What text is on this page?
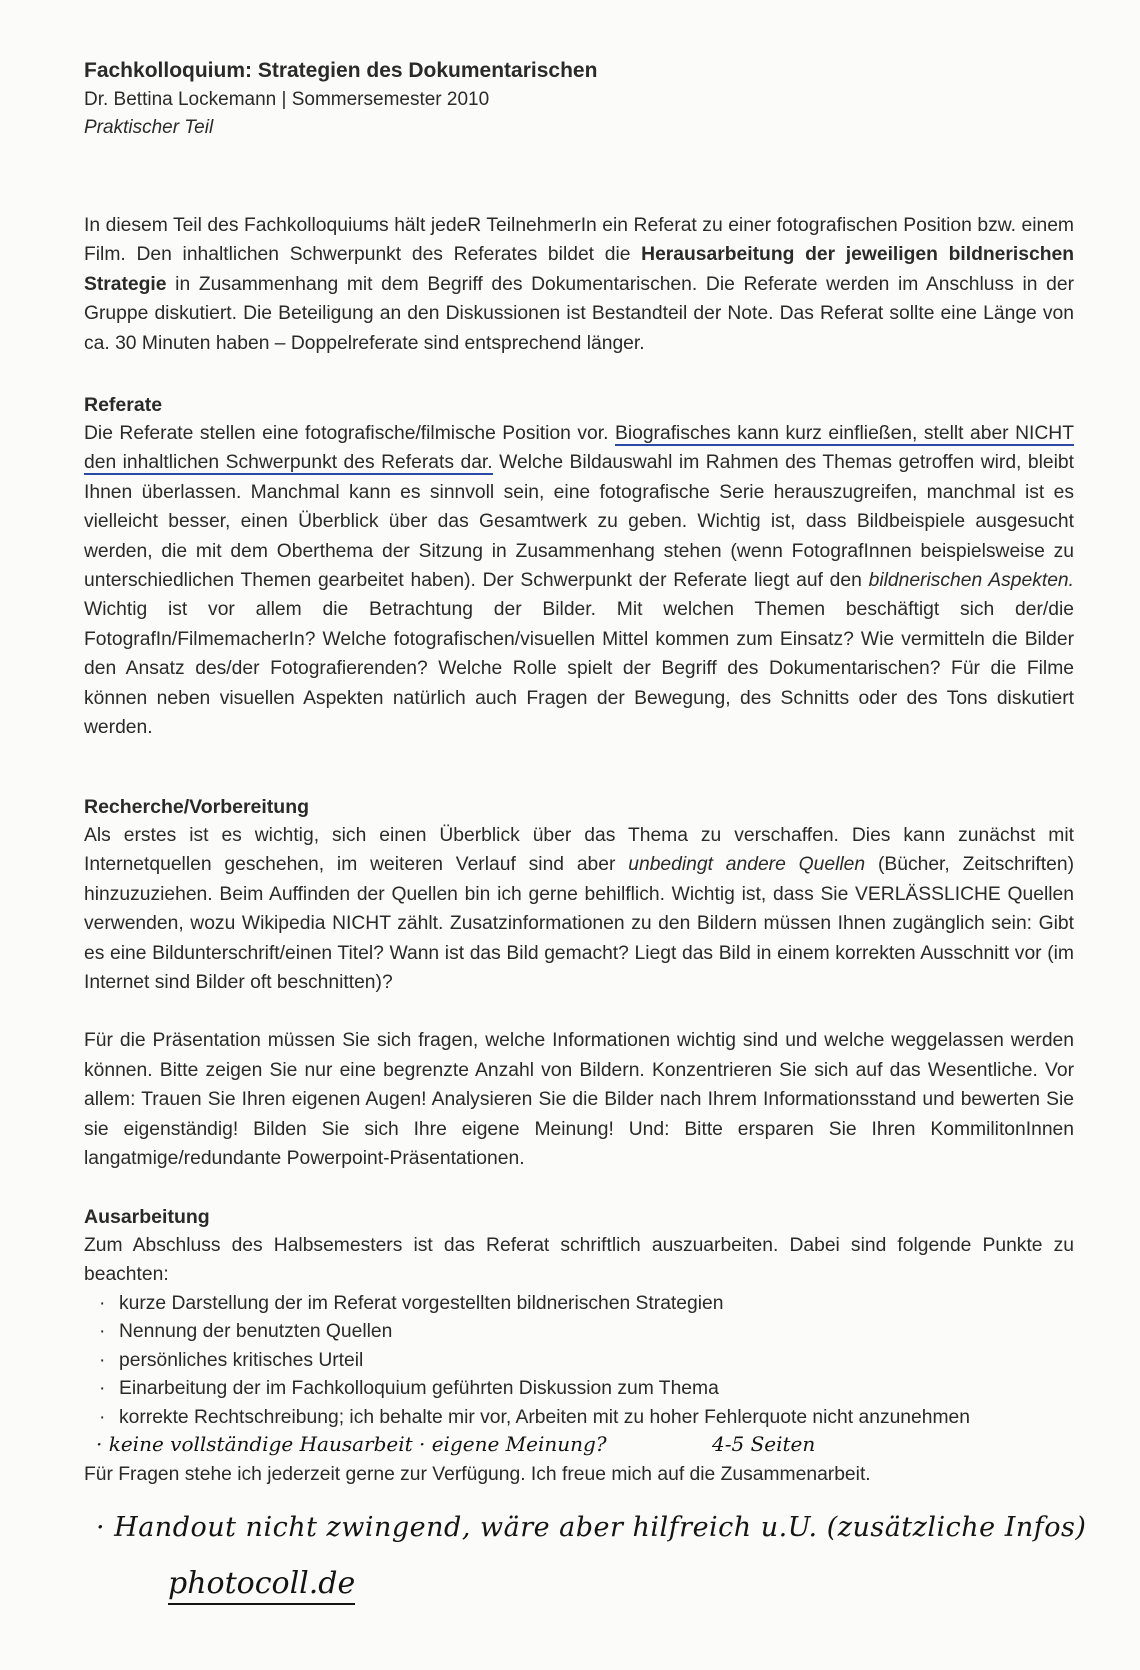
Fachkolloquium: Strategien des Dokumentarischen
Dr. Bettina Lockemann | Sommersemester 2010
Praktischer Teil

In diesem Teil des Fachkolloquiums hält jedeR TeilnehmerIn ein Referat zu einer fotografischen Position bzw. einem Film. Den inhaltlichen Schwerpunkt des Referates bildet die Herausarbeitung der jeweiligen bildnerischen Strategie in Zusammenhang mit dem Begriff des Dokumentarischen. Die Referate werden im Anschluss in der Gruppe diskutiert. Die Beteiligung an den Diskussionen ist Bestandteil der Note. Das Referat sollte eine Länge von ca. 30 Minuten haben – Doppelreferate sind entsprechend länger.

Referate

Die Referate stellen eine fotografische/filmische Position vor. Biografisches kann kurz einfließen, stellt aber NICHT den inhaltlichen Schwerpunkt des Referats dar. Welche Bildauswahl im Rahmen des Themas getroffen wird, bleibt Ihnen überlassen. Manchmal kann es sinnvoll sein, eine fotografische Serie herauszugreifen, manchmal ist es vielleicht besser, einen Überblick über das Gesamtwerk zu geben. Wichtig ist, dass Bildbeispiele ausgesucht werden, die mit dem Oberthema der Sitzung in Zusammenhang stehen (wenn FotografInnen beispielsweise zu unterschiedlichen Themen gearbeitet haben). Der Schwerpunkt der Referate liegt auf den bildnerischen Aspekten. Wichtig ist vor allem die Betrachtung der Bilder. Mit welchen Themen beschäftigt sich der/die FotografIn/FilmemacherIn? Welche fotografischen/visuellen Mittel kommen zum Einsatz? Wie vermitteln die Bilder den Ansatz des/der Fotografierenden? Welche Rolle spielt der Begriff des Dokumentarischen? Für die Filme können neben visuellen Aspekten natürlich auch Fragen der Bewegung, des Schnitts oder des Tons diskutiert werden.

Recherche/Vorbereitung

Als erstes ist es wichtig, sich einen Überblick über das Thema zu verschaffen. Dies kann zunächst mit Internetquellen geschehen, im weiteren Verlauf sind aber unbedingt andere Quellen (Bücher, Zeitschriften) hinzuzuziehen. Beim Auffinden der Quellen bin ich gerne behilflich. Wichtig ist, dass Sie VERLÄSSLICHE Quellen verwenden, wozu Wikipedia NICHT zählt. Zusatzinformationen zu den Bildern müssen Ihnen zugänglich sein: Gibt es eine Bildunterschrift/einen Titel? Wann ist das Bild gemacht? Liegt das Bild in einem korrekten Ausschnitt vor (im Internet sind Bilder oft beschnitten)?

Für die Präsentation müssen Sie sich fragen, welche Informationen wichtig sind und welche weggelassen werden können. Bitte zeigen Sie nur eine begrenzte Anzahl von Bildern. Konzentrieren Sie sich auf das Wesentliche. Vor allem: Trauen Sie Ihren eigenen Augen! Analysieren Sie die Bilder nach Ihrem Informationsstand und bewerten Sie sie eigenständig! Bilden Sie sich Ihre eigene Meinung! Und: Bitte ersparen Sie Ihren KommilitonInnen langatmige/redundante Powerpoint-Präsentationen.

Ausarbeitung

Zum Abschluss des Halbsemesters ist das Referat schriftlich auszuarbeiten. Dabei sind folgende Punkte zu beachten:

· kurze Darstellung der im Referat vorgestellten bildnerischen Strategien
· Nennung der benutzten Quellen
· persönliches kritisches Urteil
· Einarbeitung der im Fachkolloquium geführten Diskussion zum Thema
· korrekte Rechtschreibung; ich behalte mir vor, Arbeiten mit zu hoher Fehlerquote nicht anzunehmen
· keine vollständige Hausarbeit · eigene Meinung?	4-5 Seiten

Für Fragen stehe ich jederzeit gerne zur Verfügung. Ich freue mich auf die Zusammenarbeit.

· Handout nicht zwingend, wäre aber hilfreich u.U. (zusätzliche Infos)
photocoll.de
